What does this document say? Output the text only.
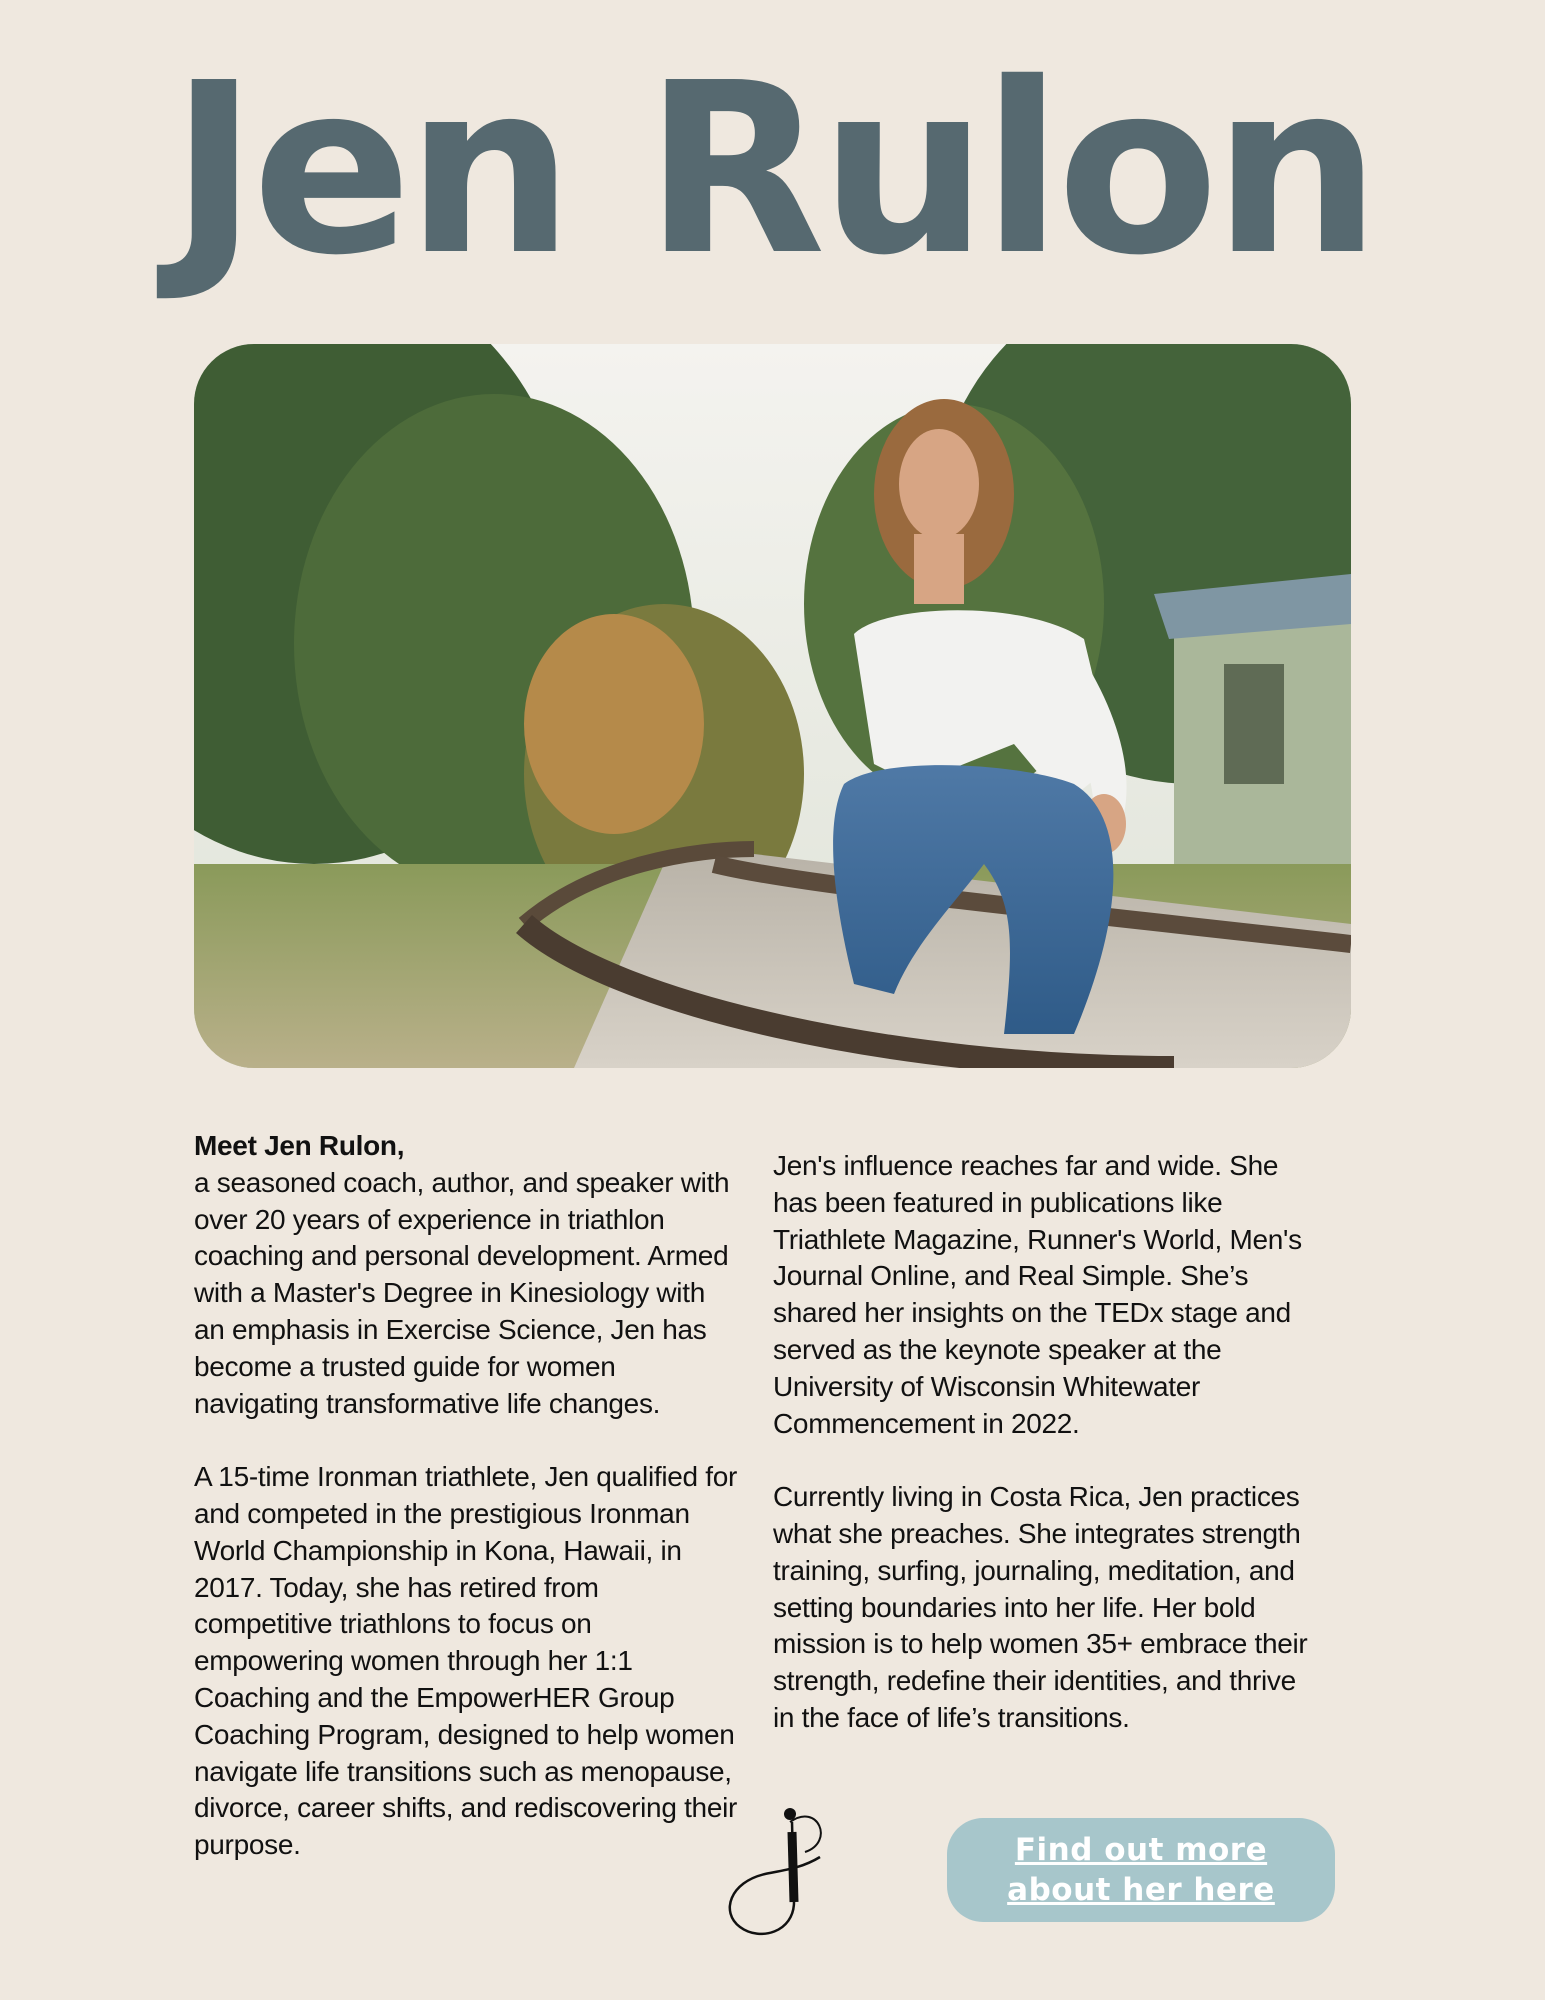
Jen Rulon

Meet Jen Rulon,
a seasoned coach, author, and speaker with over 20 years of experience in triathlon coaching and personal development. Armed with a Master's Degree in Kinesiology with an emphasis in Exercise Science, Jen has become a trusted guide for women navigating transformative life changes.

A 15-time Ironman triathlete, Jen qualified for and competed in the prestigious Ironman World Championship in Kona, Hawaii, in 2017. Today, she has retired from competitive triathlons to focus on empowering women through her 1:1 Coaching and the EmpowerHER Group Coaching Program, designed to help women navigate life transitions such as menopause, divorce, career shifts, and rediscovering their purpose.

Jen's influence reaches far and wide. She has been featured in publications like Triathlete Magazine, Runner's World, Men's Journal Online, and Real Simple. She’s shared her insights on the TEDx stage and served as the keynote speaker at the University of Wisconsin Whitewater Commencement in 2022.

Currently living in Costa Rica, Jen practices what she preaches. She integrates strength training, surfing, journaling, meditation, and setting boundaries into her life. Her bold mission is to help women 35+ embrace their strength, redefine their identities, and thrive in the face of life’s transitions.

Find out more about her here
